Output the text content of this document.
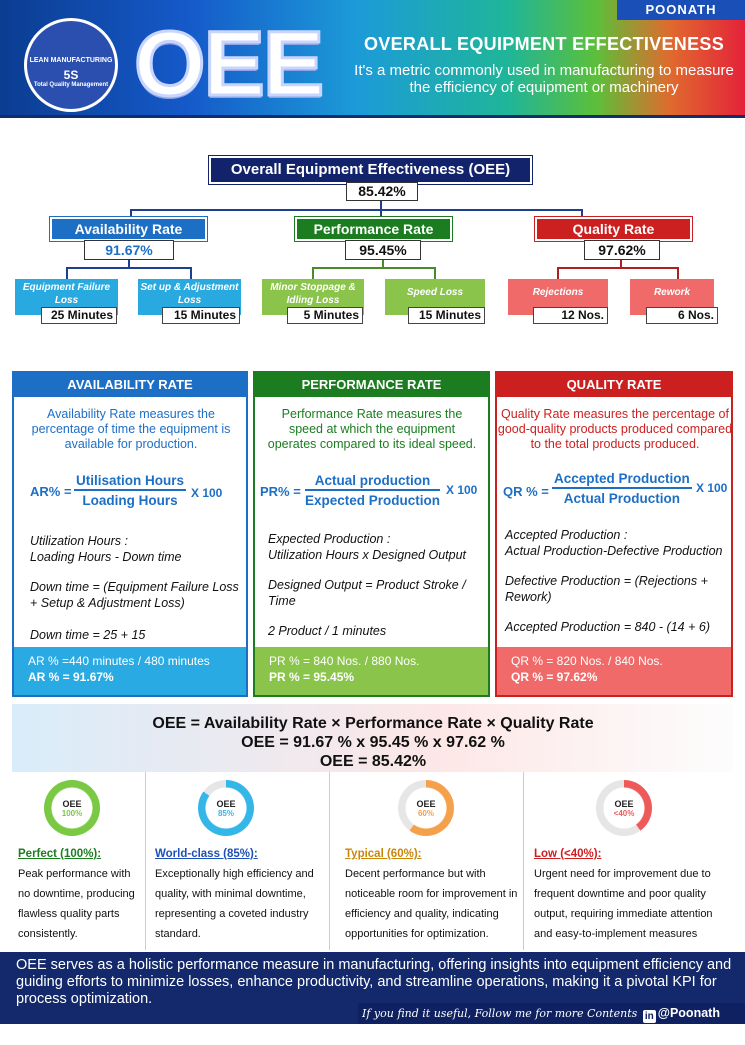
POONATH
LEAN MANUFACTURING
5S
Total Quality Management OEE	OVERALL EQUIPMENT EFFECTIVENESS
It's a metric commonly used in manufacturing to measure the efficiency of equipment or machinery
Overall Equipment Effectiveness (OEE)
85.42%
Availability Rate
91.67%
Performance Rate
95.45%
Quality Rate
97.62%
Equipment Failure Loss
25 Minutes
Set up & Adjustment Loss
15 Minutes
Minor Stoppage & Idling Loss
5 Minutes
Speed Loss
15 Minutes
Rejections
12 Nos.
Rework
6 Nos.
AVAILABILITY RATE
Availability Rate measures the percentage of time the equipment is available for production.
AR% =
Utilisation Hours
Loading Hours	X 100
Utilization Hours :
Loading Hours - Down time
Down time = (Equipment Failure Loss + Setup & Adjustment Loss)
Down time = 25 + 15
AR % =440 minutes / 480 minutes
AR % = 91.67%
PERFORMANCE RATE
Performance Rate measures the speed at which the equipment operates compared to its ideal speed.
PR% =
Actual production
Expected Production
X 100
Expected Production :
Utilization Hours x Designed Output
Designed Output = Product Stroke / Time
2 Product / 1 minutes
PR % = 840 Nos. / 880 Nos.
PR % = 95.45%
QUALITY RATE
Quality Rate measures the percentage of good-quality products produced compared to the total products produced.
QR % =
Accepted Production
Actual Production
X 100
Accepted Production :
Actual Production-Defective Production
Defective Production = (Rejections + Rework)
Accepted Production = 840 - (14 + 6)
QR % = 820 Nos. / 840 Nos.
QR % = 97.62%
OEE = Availability Rate × Performance Rate × Quality Rate
OEE = 91.67 % x 95.45 % x 97.62 %
OEE = 85.42%
OEE
100%
Perfect (100%):
Peak performance with no downtime, producing flawless quality parts consistently.
OEE
85%
World-class (85%):
Exceptionally high efficiency and quality, with minimal downtime, representing a coveted industry standard.
OEE
60%
Typical (60%):
Decent performance but with noticeable room for improvement in efficiency and quality, indicating opportunities for optimization.
OEE
<40%
Low (<40%):
Urgent need for improvement due to frequent downtime and poor quality output, requiring immediate attention and easy-to-implement measures
OEE serves as a holistic performance measure in manufacturing, offering insights into equipment efficiency and guiding efforts to minimize losses, enhance productivity, and streamline operations, making it a pivotal KPI for process optimization.
If you find it useful, Follow me for more Contents in @Poonath Sekar
